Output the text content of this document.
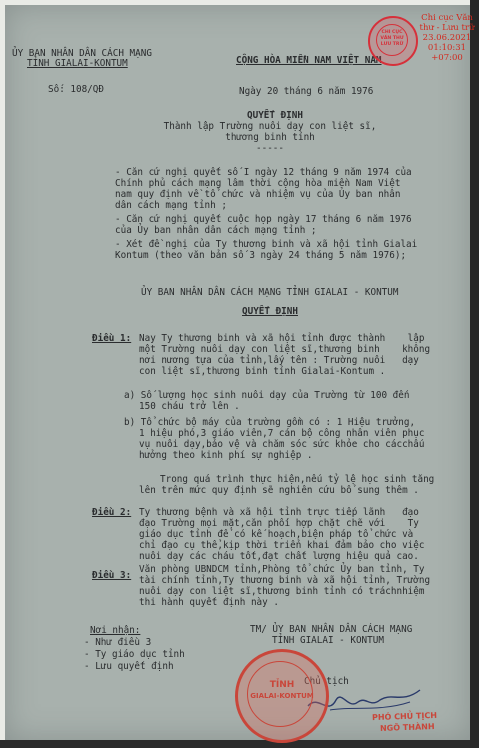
ỦY BAN NHÂN DÂN CÁCH MẠNG
TỈNH GIALAI-KONTUM
Số: 108/QĐ
CỘNG HÒA MIỀN NAM VIỆT NAM
Ngày 20 tháng 6 năm 1976
QUYẾT ĐỊNH
Thành lập Trường nuôi dạy con liệt sĩ,
thương binh tỉnh
-----
- Căn cứ nghị quyết số I ngày 12 tháng 9 năm 1974 của
Chính phủ cách mạng lâm thời cộng hòa miền Nam Việt
nam quy định về tổ chức và nhiệm vụ của Ủy ban nhân
dân cách mạng tỉnh ;
- Căn cứ nghị quyết cuộc họp ngày 17 tháng 6 năm 1976
của Ủy ban nhân dân cách mạng tỉnh ;
- Xét đề nghị của Ty thương binh và xã hội tỉnh Gialai
Kontum (theo văn bản số 3 ngày 24 tháng 5 năm 1976);
ỦY BAN NHÂN DÂN CÁCH MẠNG TỈNH GIALAI - KONTUM
QUYẾT ĐỊNH
Điều 1: Nay Ty thương binh và xã hội tỉnh được thành    lập
một Trường nuôi dạy con liệt sĩ,thương binh    không
nơi nương tựa của tỉnh,lấy tên : Trường nuôi   dạy
con liệt sĩ,thương binh tỉnh Gialai-Kontum .
a) Số lượng học sinh nuôi dạy của Trường từ 100 đến
150 cháu trở lên .
b) Tổ chức bộ máy của trường gồm có : 1 Hiệu trưởng,
1 hiệu phó,3 giáo viên,7 cán bộ công nhân viên phục
vụ nuôi dạy,bảo vệ và chăm sóc sức khỏe cho cácchấu
hưởng theo kinh phí sự nghiệp .
Trong quá trình thực hiện,nếu tỷ lệ học sinh tăng
lên trên mức quy định sẽ nghiên cứu bổ sung thêm .
Điều 2: Ty thương bệnh và xã hội tỉnh trực tiếp lãnh   đạo
đạo Trường mọi mặt,căn phối hợp chặt chẽ với    Ty
giáo dục tỉnh để có kế hoạch,biện pháp tổ chức và
chỉ đạo cụ thể,kịp thời triển khai đảm bảo cho việc
nuôi dạy các cháu tốt,đạt chất lượng hiệu quả cao.
Điều 3:
Văn phòng UBNDCM tỉnh,Phòng tổ chức Ủy ban tỉnh, Ty
tài chính tỉnh,Ty thương binh và xã hội tỉnh, Trường
nuôi dạy con liệt sĩ,thương binh tỉnh có tráchnhiệm
thi hành quyết định này .
Nơi nhận:
- Như điều 3
- Ty giáo dục tỉnh
- Lưu quyết định
TM/ ỦY BAN NHÂN DÂN CÁCH MẠNG
TỈNH GIALAI - KONTUM
Chủ tịch
TỈNH
GIALAI-KONTUM
PHÓ CHỦ TỊCH
NGÔ THÀNH
CHI CỤC VĂN THƯ LƯU TRỮ
Chi cục Văn
thư - Lưu trữ
23.06.2021
01:10:31
+07:00
